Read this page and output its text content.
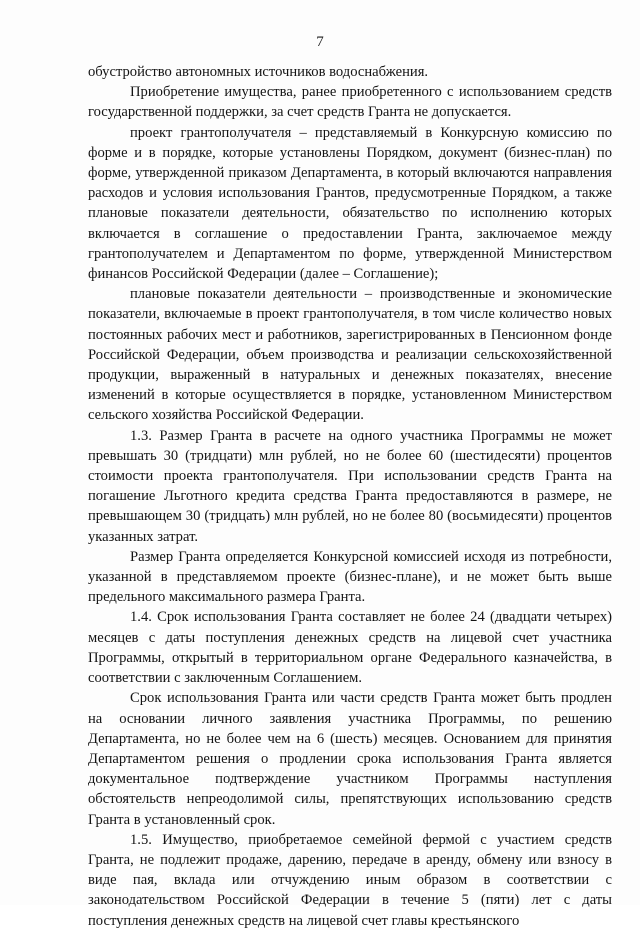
7

обустройство автономных источников водоснабжения.

Приобретение имущества, ранее приобретенного с использованием средств государственной поддержки, за счет средств Гранта не допускается.

проект грантополучателя – представляемый в Конкурсную комиссию по форме и в порядке, которые установлены Порядком, документ (бизнес-план) по форме, утвержденной приказом Департамента, в который включаются направления расходов и условия использования Грантов, предусмотренные Порядком, а также плановые показатели деятельности, обязательство по исполнению которых включается в соглашение о предоставлении Гранта, заключаемое между грантополучателем и Департаментом по форме, утвержденной Министерством финансов Российской Федерации (далее – Соглашение);

плановые показатели деятельности – производственные и экономические показатели, включаемые в проект грантополучателя, в том числе количество новых постоянных рабочих мест и работников, зарегистрированных в Пенсионном фонде Российской Федерации, объем производства и реализации сельскохозяйственной продукции, выраженный в натуральных и денежных показателях, внесение изменений в которые осуществляется в порядке, установленном Министерством сельского хозяйства Российской Федерации.

1.3. Размер Гранта в расчете на одного участника Программы не может превышать 30 (тридцати) млн рублей, но не более 60 (шестидесяти) процентов стоимости проекта грантополучателя. При использовании средств Гранта на погашение Льготного кредита средства Гранта предоставляются в размере, не превышающем 30 (тридцать) млн рублей, но не более 80 (восьмидесяти) процентов указанных затрат.

Размер Гранта определяется Конкурсной комиссией исходя из потребности, указанной в представляемом проекте (бизнес-плане), и не может быть выше предельного максимального размера Гранта.

1.4. Срок использования Гранта составляет не более 24 (двадцати четырех) месяцев с даты поступления денежных средств на лицевой счет участника Программы, открытый в территориальном органе Федерального казначейства, в соответствии с заключенным Соглашением.

Срок использования Гранта или части средств Гранта может быть продлен на основании личного заявления участника Программы, по решению Департамента, но не более чем на 6 (шесть) месяцев. Основанием для принятия Департаментом решения о продлении срока использования Гранта является документальное подтверждение участником Программы наступления обстоятельств непреодолимой силы, препятствующих использованию средств Гранта в установленный срок.

1.5. Имущество, приобретаемое семейной фермой с участием средств Гранта, не подлежит продаже, дарению, передаче в аренду, обмену или взносу в виде пая, вклада или отчуждению иным образом в соответствии с законодательством Российской Федерации в течение 5 (пяти) лет с даты поступления денежных средств на лицевой счет главы крестьянского
